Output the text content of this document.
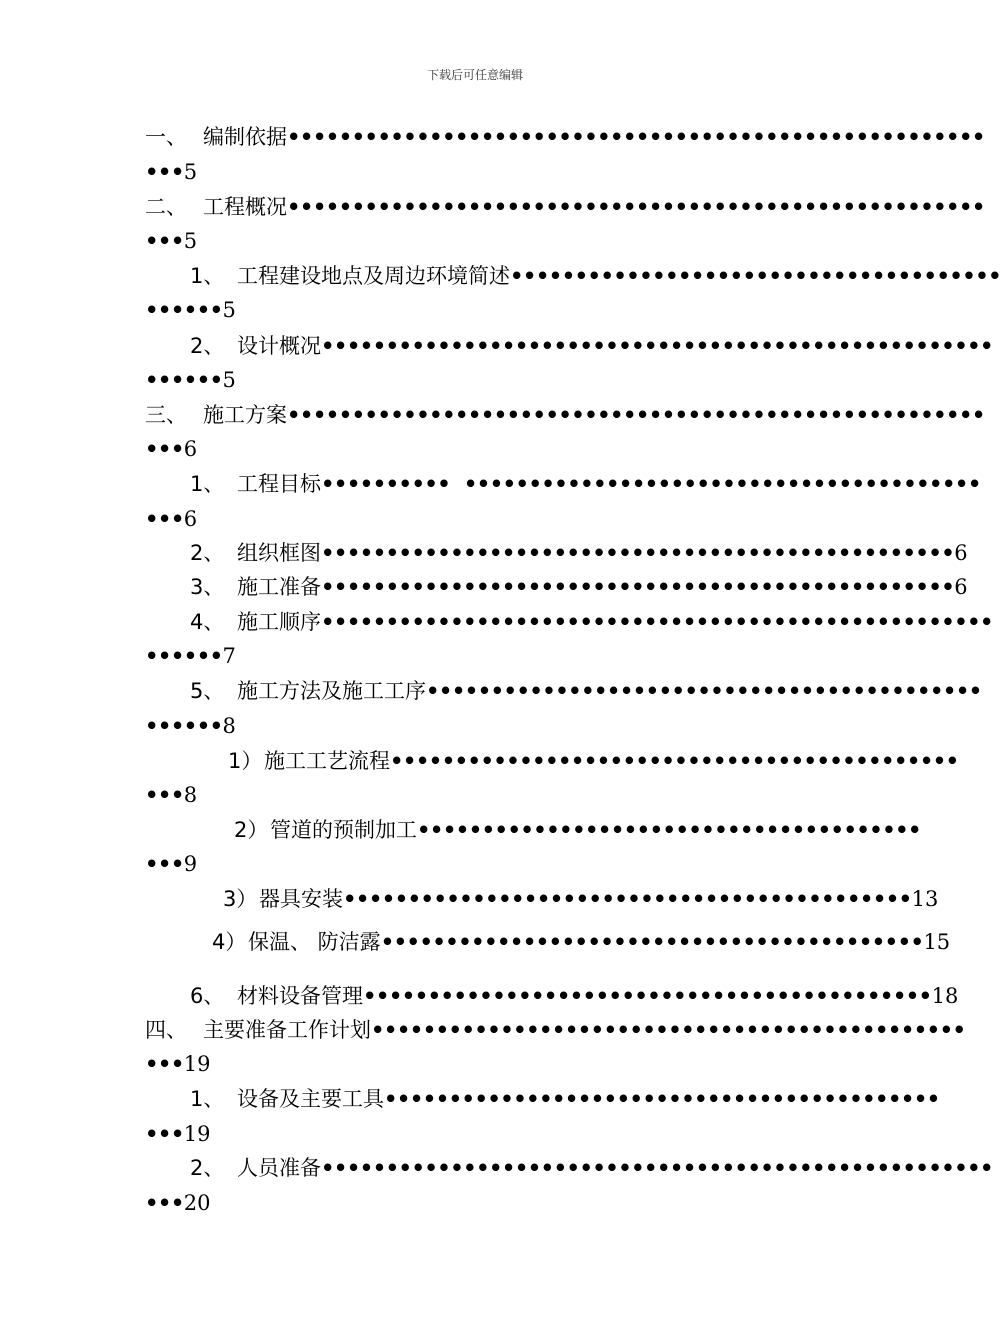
下载后可任意编辑
一、 编制依据••••••••••••••••••••••••••••••••••••••••••••••••••••••
•••5
二、 工程概况••••••••••••••••••••••••••••••••••••••••••••••••••••••
•••5
1、 工程建设地点及周边环境简述••••••••••••••••••••••••••••••••••••••
••••••5
2、 设计概况••••••••••••••••••••••••••••••••••••••••••••••••••••
••••••5
三、 施工方案••••••••••••••••••••••••••••••••••••••••••••••••••••••
•••6
1、 工程目标••••••••••  ••••••••••••••••••••••••••••••••••••••••
•••6
2、 组织框图•••••••••••••••••••••••••••••••••••••••••••••••••6
3、 施工准备•••••••••••••••••••••••••••••••••••••••••••••••••6
4、 施工顺序••••••••••••••••••••••••••••••••••••••••••••••••••••
••••••7
5、 施工方法及施工工序•••••••••••••••••••••••••••••••••••••••••••
••••••8
1）施工工艺流程••••••••••••••••••••••••••••••••••••••••••••
•••8
2）管道的预制加工•••••••••••••••••••••••••••••••••••••••
•••9
3）器具安装••••••••••••••••••••••••••••••••••••••••••••13
4）保温、 防洁露••••••••••••••••••••••••••••••••••••••••••15
6、 材料设备管理••••••••••••••••••••••••••••••••••••••••••••18
四、 主要准备工作计划••••••••••••••••••••••••••••••••••••••••••••••
•••19
1、 设备及主要工具•••••••••••••••••••••••••••••••••••••••••••
•••19
2、 人员准备••••••••••••••••••••••••••••••••••••••••••••••••••••
•••20
